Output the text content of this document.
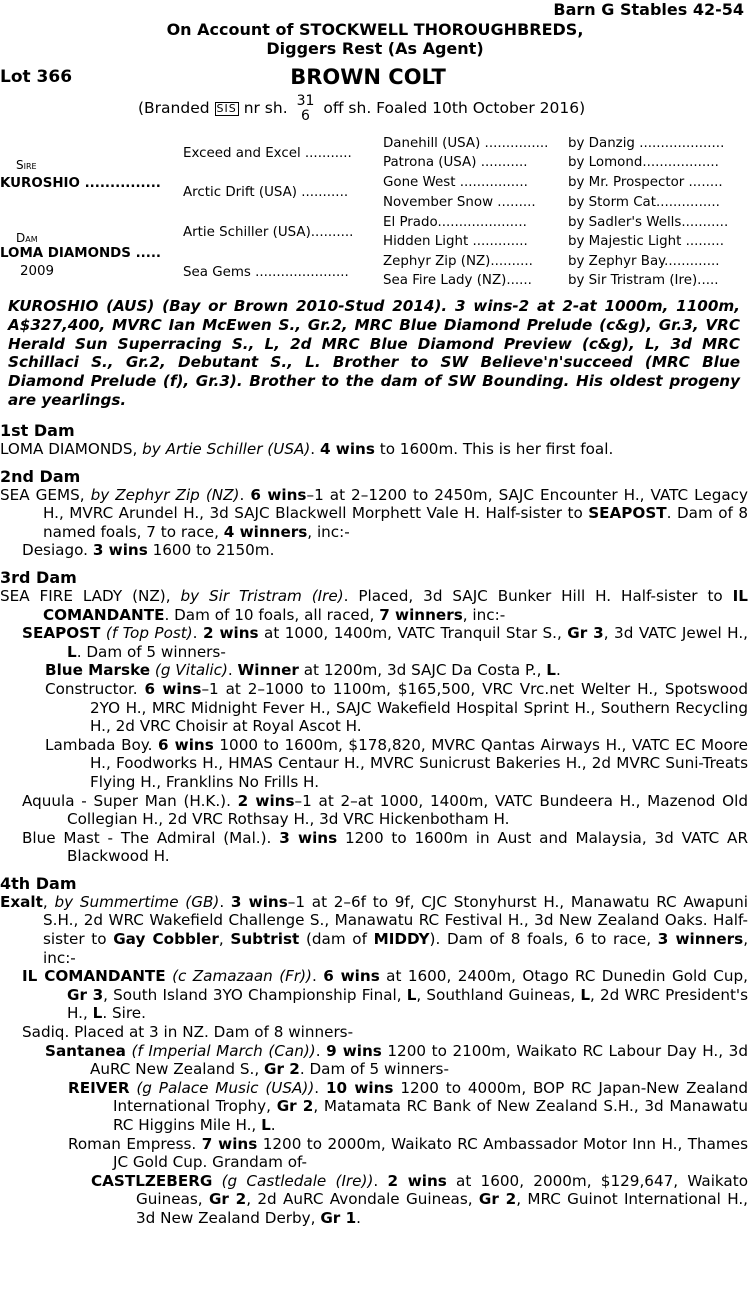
Barn G Stables 42-54
On Account of STOCKWELL THOROUGHBREDS,
Diggers Rest (As Agent)
Lot 366	BROWN COLT
(Branded SIS nr sh. 31
6 off sh. Foaled 10th October 2016)
Sire
KUROSHIO ...............
Dam
LOMA DIAMONDS .....
2009
Exceed and Excel ...........
Arctic Drift (USA) ...........
Artie Schiller (USA)..........
Sea Gems ......................
Danehill (USA) ...............
Patrona (USA) ...........
Gone West ................
November Snow .........
El Prado.....................
Hidden Light .............
Zephyr Zip (NZ)..........
Sea Fire Lady (NZ)......
by Danzig ....................
by Lomond..................
by Mr. Prospector ........
by Storm Cat...............
by Sadler's Wells...........
by Majestic Light .........
by Zephyr Bay.............
by Sir Tristram (Ire).....
KUROSHIO (AUS) (Bay or Brown 2010-Stud 2014). 3 wins-2 at 2-at 1000m, 1100m, A$327,400, MVRC Ian McEwen S., Gr.2, MRC Blue Diamond Prelude (c&g), Gr.3, VRC Herald Sun Superracing S., L, 2d MRC Blue Diamond Preview (c&g), L, 3d MRC Schillaci S., Gr.2, Debutant S., L. Brother to SW Believe'n'succeed (MRC Blue Diamond Prelude (f), Gr.3). Brother to the dam of SW Bounding. His oldest progeny are yearlings.
1st Dam

LOMA DIAMONDS, by Artie Schiller (USA). 4 wins to 1600m. This is her first foal.

2nd Dam

SEA GEMS, by Zephyr Zip (NZ). 6 wins–1 at 2–1200 to 2450m, SAJC Encounter H., VATC Legacy H., MVRC Arundel H., 3d SAJC Blackwell Morphett Vale H. Half-sister to SEAPOST. Dam of 8 named foals, 7 to race, 4 winners, inc:-

Desiago. 3 wins 1600 to 2150m.

3rd Dam

SEA FIRE LADY (NZ), by Sir Tristram (Ire). Placed, 3d SAJC Bunker Hill H. Half-sister to IL COMANDANTE. Dam of 10 foals, all raced, 7 winners, inc:-

SEAPOST (f Top Post). 2 wins at 1000, 1400m, VATC Tranquil Star S., Gr 3, 3d VATC Jewel H., L. Dam of 5 winners-

Blue Marske (g Vitalic). Winner at 1200m, 3d SAJC Da Costa P., L.

Constructor. 6 wins–1 at 2–1000 to 1100m, $165,500, VRC Vrc.net Welter H., Spotswood 2YO H., MRC Midnight Fever H., SAJC Wakefield Hospital Sprint H., Southern Recycling H., 2d VRC Choisir at Royal Ascot H.

Lambada Boy. 6 wins 1000 to 1600m, $178,820, MVRC Qantas Airways H., VATC EC Moore H., Foodworks H., HMAS Centaur H., MVRC Sunicrust Bakeries H., 2d MVRC Suni-Treats Flying H., Franklins No Frills H.

Aquula - Super Man (H.K.). 2 wins–1 at 2–at 1000, 1400m, VATC Bundeera H., Mazenod Old Collegian H., 2d VRC Rothsay H., 3d VRC Hickenbotham H.

Blue Mast - The Admiral (Mal.). 3 wins 1200 to 1600m in Aust and Malaysia, 3d VATC AR Blackwood H.

4th Dam

Exalt, by Summertime (GB). 3 wins–1 at 2–6f to 9f, CJC Stonyhurst H., Manawatu RC Awapuni S.H., 2d WRC Wakefield Challenge S., Manawatu RC Festival H., 3d New Zealand Oaks. Half-sister to Gay Cobbler, Subtrist (dam of MIDDY). Dam of 8 foals, 6 to race, 3 winners, inc:-

IL COMANDANTE (c Zamazaan (Fr)). 6 wins at 1600, 2400m, Otago RC Dunedin Gold Cup, Gr 3, South Island 3YO Championship Final, L, Southland Guineas, L, 2d WRC President's H., L. Sire.

Sadiq. Placed at 3 in NZ. Dam of 8 winners-

Santanea (f Imperial March (Can)). 9 wins 1200 to 2100m, Waikato RC Labour Day H., 3d AuRC New Zealand S., Gr 2. Dam of 5 winners-

REIVER (g Palace Music (USA)). 10 wins 1200 to 4000m, BOP RC Japan-New Zealand International Trophy, Gr 2, Matamata RC Bank of New Zealand S.H., 3d Manawatu RC Higgins Mile H., L.

Roman Empress. 7 wins 1200 to 2000m, Waikato RC Ambassador Motor Inn H., Thames JC Gold Cup. Grandam of-

CASTLZEBERG (g Castledale (Ire)). 2 wins at 1600, 2000m, $129,647, Waikato Guineas, Gr 2, 2d AuRC Avondale Guineas, Gr 2, MRC Guinot International H., 3d New Zealand Derby, Gr 1.
